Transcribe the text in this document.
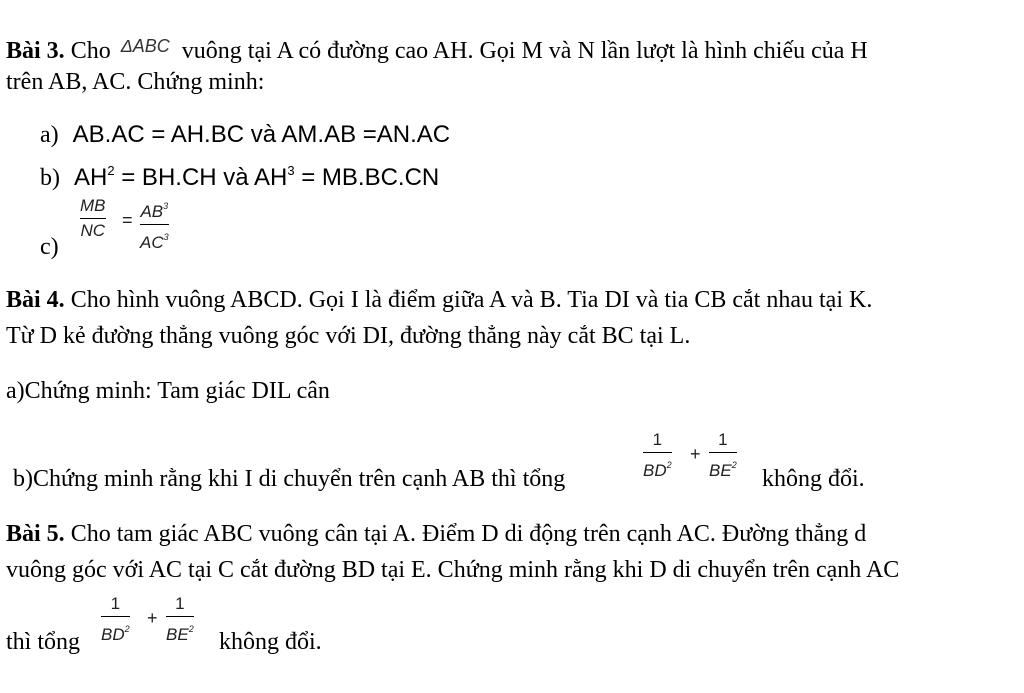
Bài 3. Cho ΔABC vuông tại A có đường cao AH. Gọi M và N lần lượt là hình chiếu của H
trên AB, AC. Chứng minh:
a) AB.AC = AH.BC và AM.AB =AN.AC
b) $AH^2 = BH.CH$ và $AH^3 = MB.BC.CN$
c)
MB
NC
= $AB^3$
$AC^3$
Bài 4. Cho hình vuông ABCD. Gọi I là điểm giữa A và B. Tia DI và tia CB cắt nhau tại K.
Từ D kẻ đường thẳng vuông góc với DI, đường thẳng này cắt BC tại L.
a)Chứng minh: Tam giác DIL cân
b)Chứng minh rằng khi I di chuyển trên cạnh AB thì tổng
1
$BD^2$
+
1
$BE^2$
không đổi.
Bài 5. Cho tam giác ABC vuông cân tại A. Điểm D di động trên cạnh AC. Đường thẳng d
vuông góc với AC tại C cắt đường BD tại E. Chứng minh rằng khi D di chuyển trên cạnh AC
thì tổng
1
$BD^2$
+
1
$BE^2$ không đổi.
